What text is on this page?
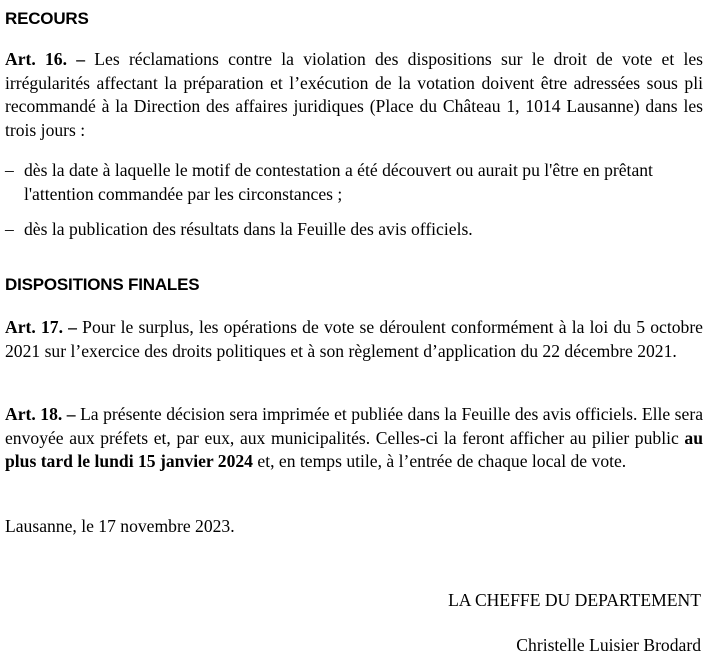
RECOURS

Art. 16. – Les réclamations contre la violation des dispositions sur le droit de vote et les irrégularités affectant la préparation et l’exécution de la votation doivent être adressées sous pli recommandé à la Direction des affaires juridiques (Place du Château 1, 1014 Lausanne) dans les trois jours :

– dès la date à laquelle le motif de contestation a été découvert ou aurait pu l'être en prêtant l'attention commandée par les circonstances ;

– dès la publication des résultats dans la Feuille des avis officiels.

DISPOSITIONS FINALES

Art. 17. – Pour le surplus, les opérations de vote se déroulent conformément à la loi du 5 octobre 2021 sur l’exercice des droits politiques et à son règlement d’application du 22 décembre 2021.

Art. 18. – La présente décision sera imprimée et publiée dans la Feuille des avis officiels. Elle sera envoyée aux préfets et, par eux, aux municipalités. Celles-ci la feront afficher au pilier public au plus tard le lundi 15 janvier 2024 et, en temps utile, à l’entrée de chaque local de vote.

Lausanne, le 17 novembre 2023.
LA CHEFFE DU DEPARTEMENT
Christelle Luisier Brodard
